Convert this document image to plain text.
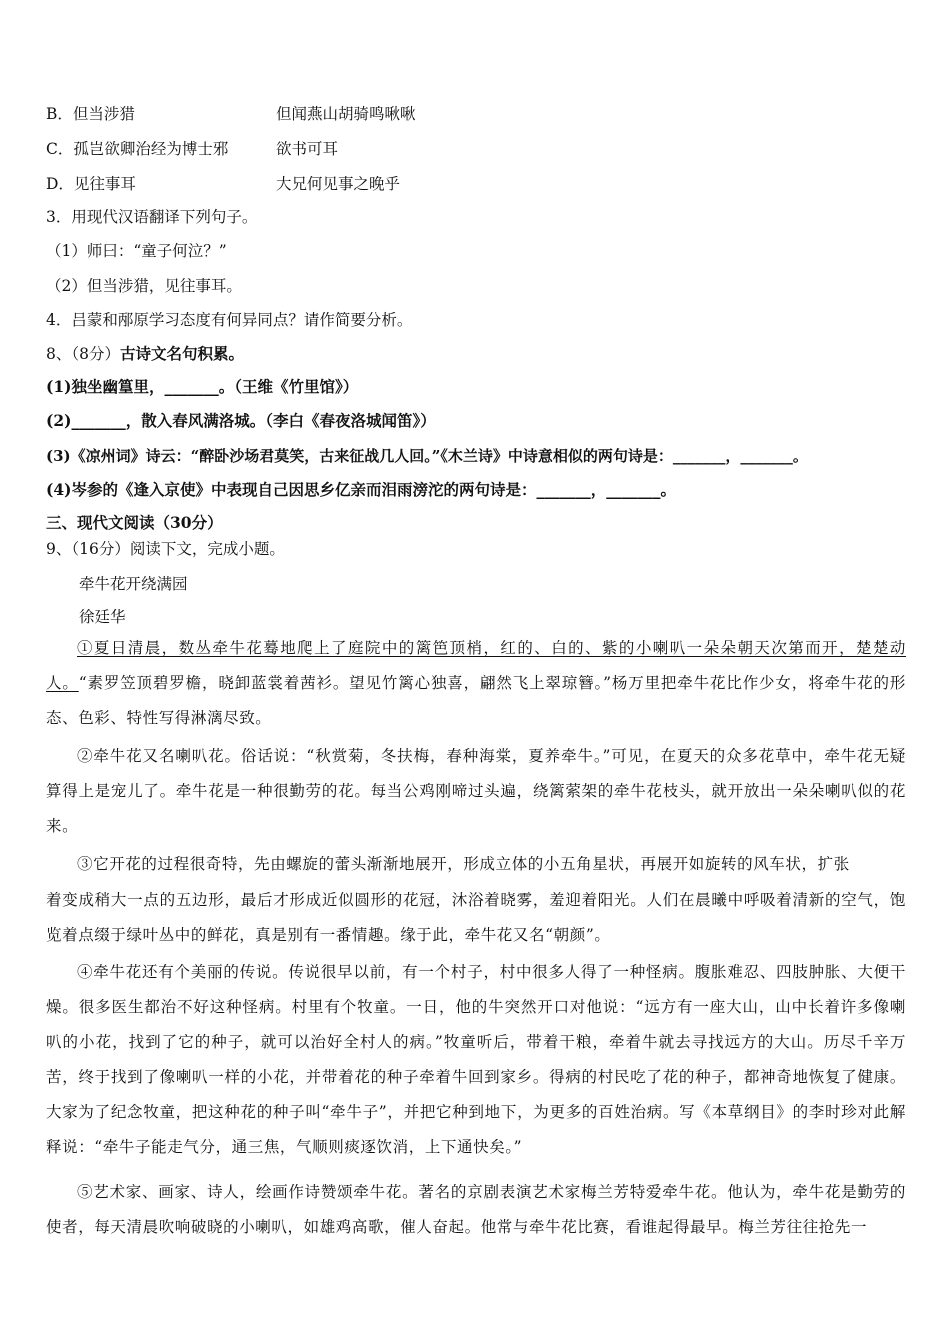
B．但当涉猎	但闻燕山胡骑鸣啾啾
C．孤岂欲卿治经为博士邪	欲书可耳
D．见往事耳	大兄何见事之晚乎
3．用现代汉语翻译下列句子。
（1）师曰：“童子何泣？”
（2）但当涉猎，见往事耳。
4．吕蒙和邴原学习态度有何异同点？请作简要分析。
8、（8分）古诗文名句积累。
(1)独坐幽篁里，_______。（王维《竹里馆》）
(2)_______，散入春风满洛城。（李白《春夜洛城闻笛》）
(3)《凉州词》诗云：“醉卧沙场君莫笑，古来征战几人回。”《木兰诗》中诗意相似的两句诗是：_______，_______。
(4)岑参的《逢入京使》中表现自己因思乡亿亲而泪雨滂沱的两句诗是：_______，_______。
三、现代文阅读（30分）
9、（16分）阅读下文，完成小题。
牵牛花开绕满园
徐廷华
①夏日清晨，数丛牵牛花蓦地爬上了庭院中的篱笆顶梢，红的、白的、紫的小喇叭一朵朵朝天次第而开，楚楚动人。“素罗笠顶碧罗檐，晓卸蓝裳着茜衫。望见竹篱心独喜，翩然飞上翠琼簪。”杨万里把牵牛花比作少女，将牵牛花的形态、色彩、特性写得淋漓尽致。
②牵牛花又名喇叭花。俗话说：“秋赏菊，冬扶梅，春种海棠，夏养牵牛。”可见，在夏天的众多花草中，牵牛花无疑算得上是宠儿了。牵牛花是一种很勤劳的花。每当公鸡刚啼过头遍，绕篱萦架的牵牛花枝头，就开放出一朵朵喇叭似的花来。
③它开花的过程很奇特，先由螺旋的蕾头渐渐地展开，形成立体的小五角星状，再展开如旋转的风车状，扩张
着变成稍大一点的五边形，最后才形成近似圆形的花冠，沐浴着晓雾，羞迎着阳光。人们在晨曦中呼吸着清新的空气，饱览着点缀于绿叶丛中的鲜花，真是别有一番情趣。缘于此，牵牛花又名“朝颜”。
④牵牛花还有个美丽的传说。传说很早以前，有一个村子，村中很多人得了一种怪病。腹胀难忍、四肢肿胀、大便干燥。很多医生都治不好这种怪病。村里有个牧童。一日，他的牛突然开口对他说：“远方有一座大山，山中长着许多像喇叭的小花，找到了它的种子，就可以治好全村人的病。”牧童听后，带着干粮，牵着牛就去寻找远方的大山。历尽千辛万苦，终于找到了像喇叭一样的小花，并带着花的种子牵着牛回到家乡。得病的村民吃了花的种子，都神奇地恢复了健康。大家为了纪念牧童，把这种花的种子叫“牵牛子”，并把它种到地下，为更多的百姓治病。写《本草纲目》的李时珍对此解释说：“牵牛子能走气分，通三焦，气顺则痰逐饮消，上下通快矣。”
⑤艺术家、画家、诗人，绘画作诗赞颂牵牛花。著名的京剧表演艺术家梅兰芳特爱牵牛花。他认为，牵牛花是勤劳的使者，每天清晨吹响破晓的小喇叭，如雄鸡高歌，催人奋起。他常与牵牛花比赛，看谁起得最早。梅兰芳往往抢先一
